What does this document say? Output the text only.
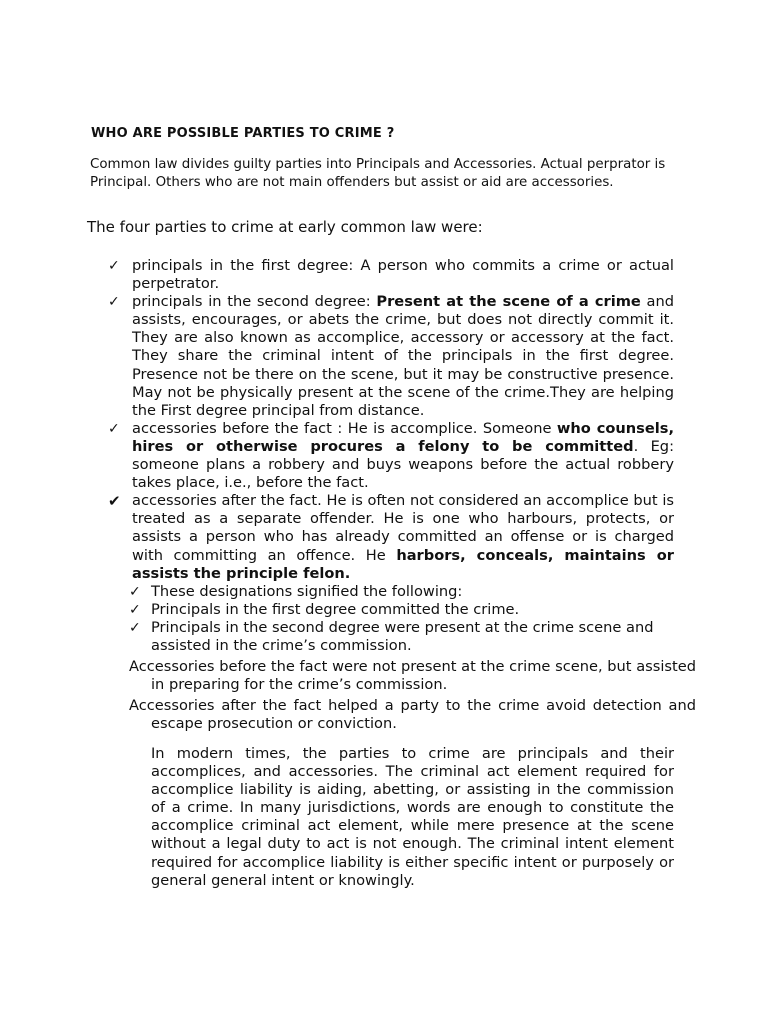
WHO ARE POSSIBLE PARTIES TO CRIME ?
Common law divides guilty parties into Principals and Accessories. Actual perprator is Principal. Others who are not main offenders but assist or aid are accessories.
The four parties to crime at early common law were:
✓ principals in the first degree: A person who commits a crime or actual perpetrator.
✓ principals in the second degree: Present at the scene of a crime and assists, encourages, or abets the crime, but does not directly commit it. They are also known as accomplice, accessory or accessory at the fact. They share the criminal intent of the principals in the first degree. Presence not be there on the scene, but it may be constructive presence. May not be physically present at the scene of the crime.They are helping the First degree principal from distance.
✓ accessories before the fact : He is accomplice. Someone who counsels, hires or otherwise procures a felony to be committed. Eg: someone plans a robbery and buys weapons before the actual robbery takes place, i.e., before the fact.
✔ accessories after the fact. He is often not considered an accomplice but is treated as a separate offender. He is one who harbours, protects, or assists a person who has already committed an offense or is charged with committing an offence. He harbors, conceals, maintains or assists the principle felon.
✓ These designations signified the following:
✓ Principals in the first degree committed the crime.
✓ Principals in the second degree were present at the crime scene and assisted in the crime’s commission.
Accessories before the fact were not present at the crime scene, but assisted in preparing for the crime’s commission.
Accessories after the fact helped a party to the crime avoid detection and escape prosecution or conviction.
In modern times, the parties to crime are principals and their accomplices, and accessories. The criminal act element required for accomplice liability is aiding, abetting, or assisting in the commission of a crime. In many jurisdictions, words are enough to constitute the accomplice criminal act element, while mere presence at the scene without a legal duty to act is not enough. The criminal intent element required for accomplice liability is either specific intent or purposely or general general intent or knowingly.
